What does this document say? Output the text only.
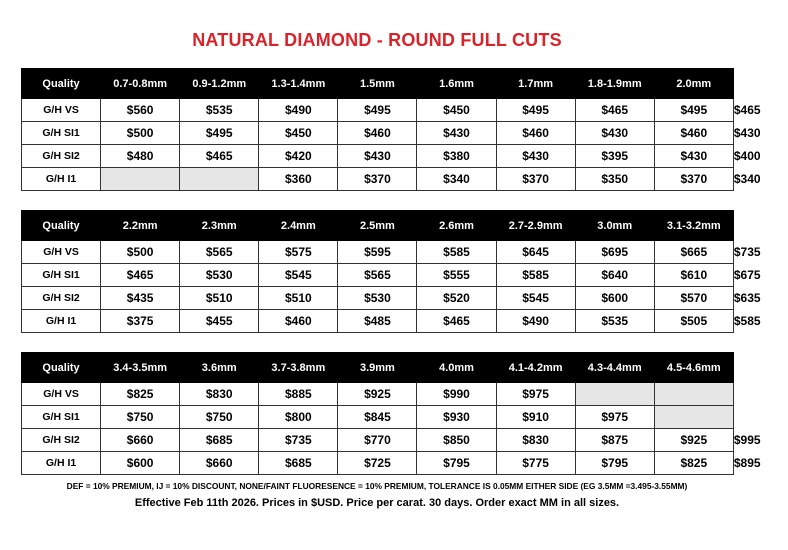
NATURAL DIAMOND - ROUND FULL CUTS
Quality	0.7-0.8mm	0.9-1.2mm	1.3-1.4mm	1.5mm	1.6mm	1.7mm	1.8-1.9mm	2.0mm	2.1mm
G/H VS	$560	$535	$490	$495	$450	$495	$465	$495	$465
G/H SI1	$500	$495	$450	$460	$430	$460	$430	$460	$430
G/H SI2	$480	$465	$420	$430	$380	$430	$395	$430	$400
G/H I1			$360	$370	$340	$370	$350	$370	$340
Quality	2.2mm	2.3mm	2.4mm	2.5mm	2.6mm	2.7-2.9mm	3.0mm	3.1-3.2mm	3.3mm
G/H VS	$500	$565	$575	$595	$585	$645	$695	$665	$735
G/H SI1	$465	$530	$545	$565	$555	$585	$640	$610	$675
G/H SI2	$435	$510	$510	$530	$520	$545	$600	$570	$635
G/H I1	$375	$455	$460	$485	$465	$490	$535	$505	$585
Quality	3.4-3.5mm	3.6mm	3.7-3.8mm	3.9mm	4.0mm	4.1-4.2mm	4.3-4.4mm	4.5-4.6mm	4.7-4.8mm
G/H VS	$825	$830	$885	$925	$990	$975			
G/H SI1	$750	$750	$800	$845	$930	$910	$975		
G/H SI2	$660	$685	$735	$770	$850	$830	$875	$925	$995
G/H I1	$600	$660	$685	$725	$795	$775	$795	$825	$895
DEF = 10% PREMIUM, IJ = 10% DISCOUNT, NONE/FAINT FLUORESENCE = 10% PREMIUM, TOLERANCE IS 0.05MM EITHER SIDE (EG 3.5MM =3.495-3.55MM)
Effective Feb 11th 2026. Prices in $USD. Price per carat. 30 days. Order exact MM in all sizes.
